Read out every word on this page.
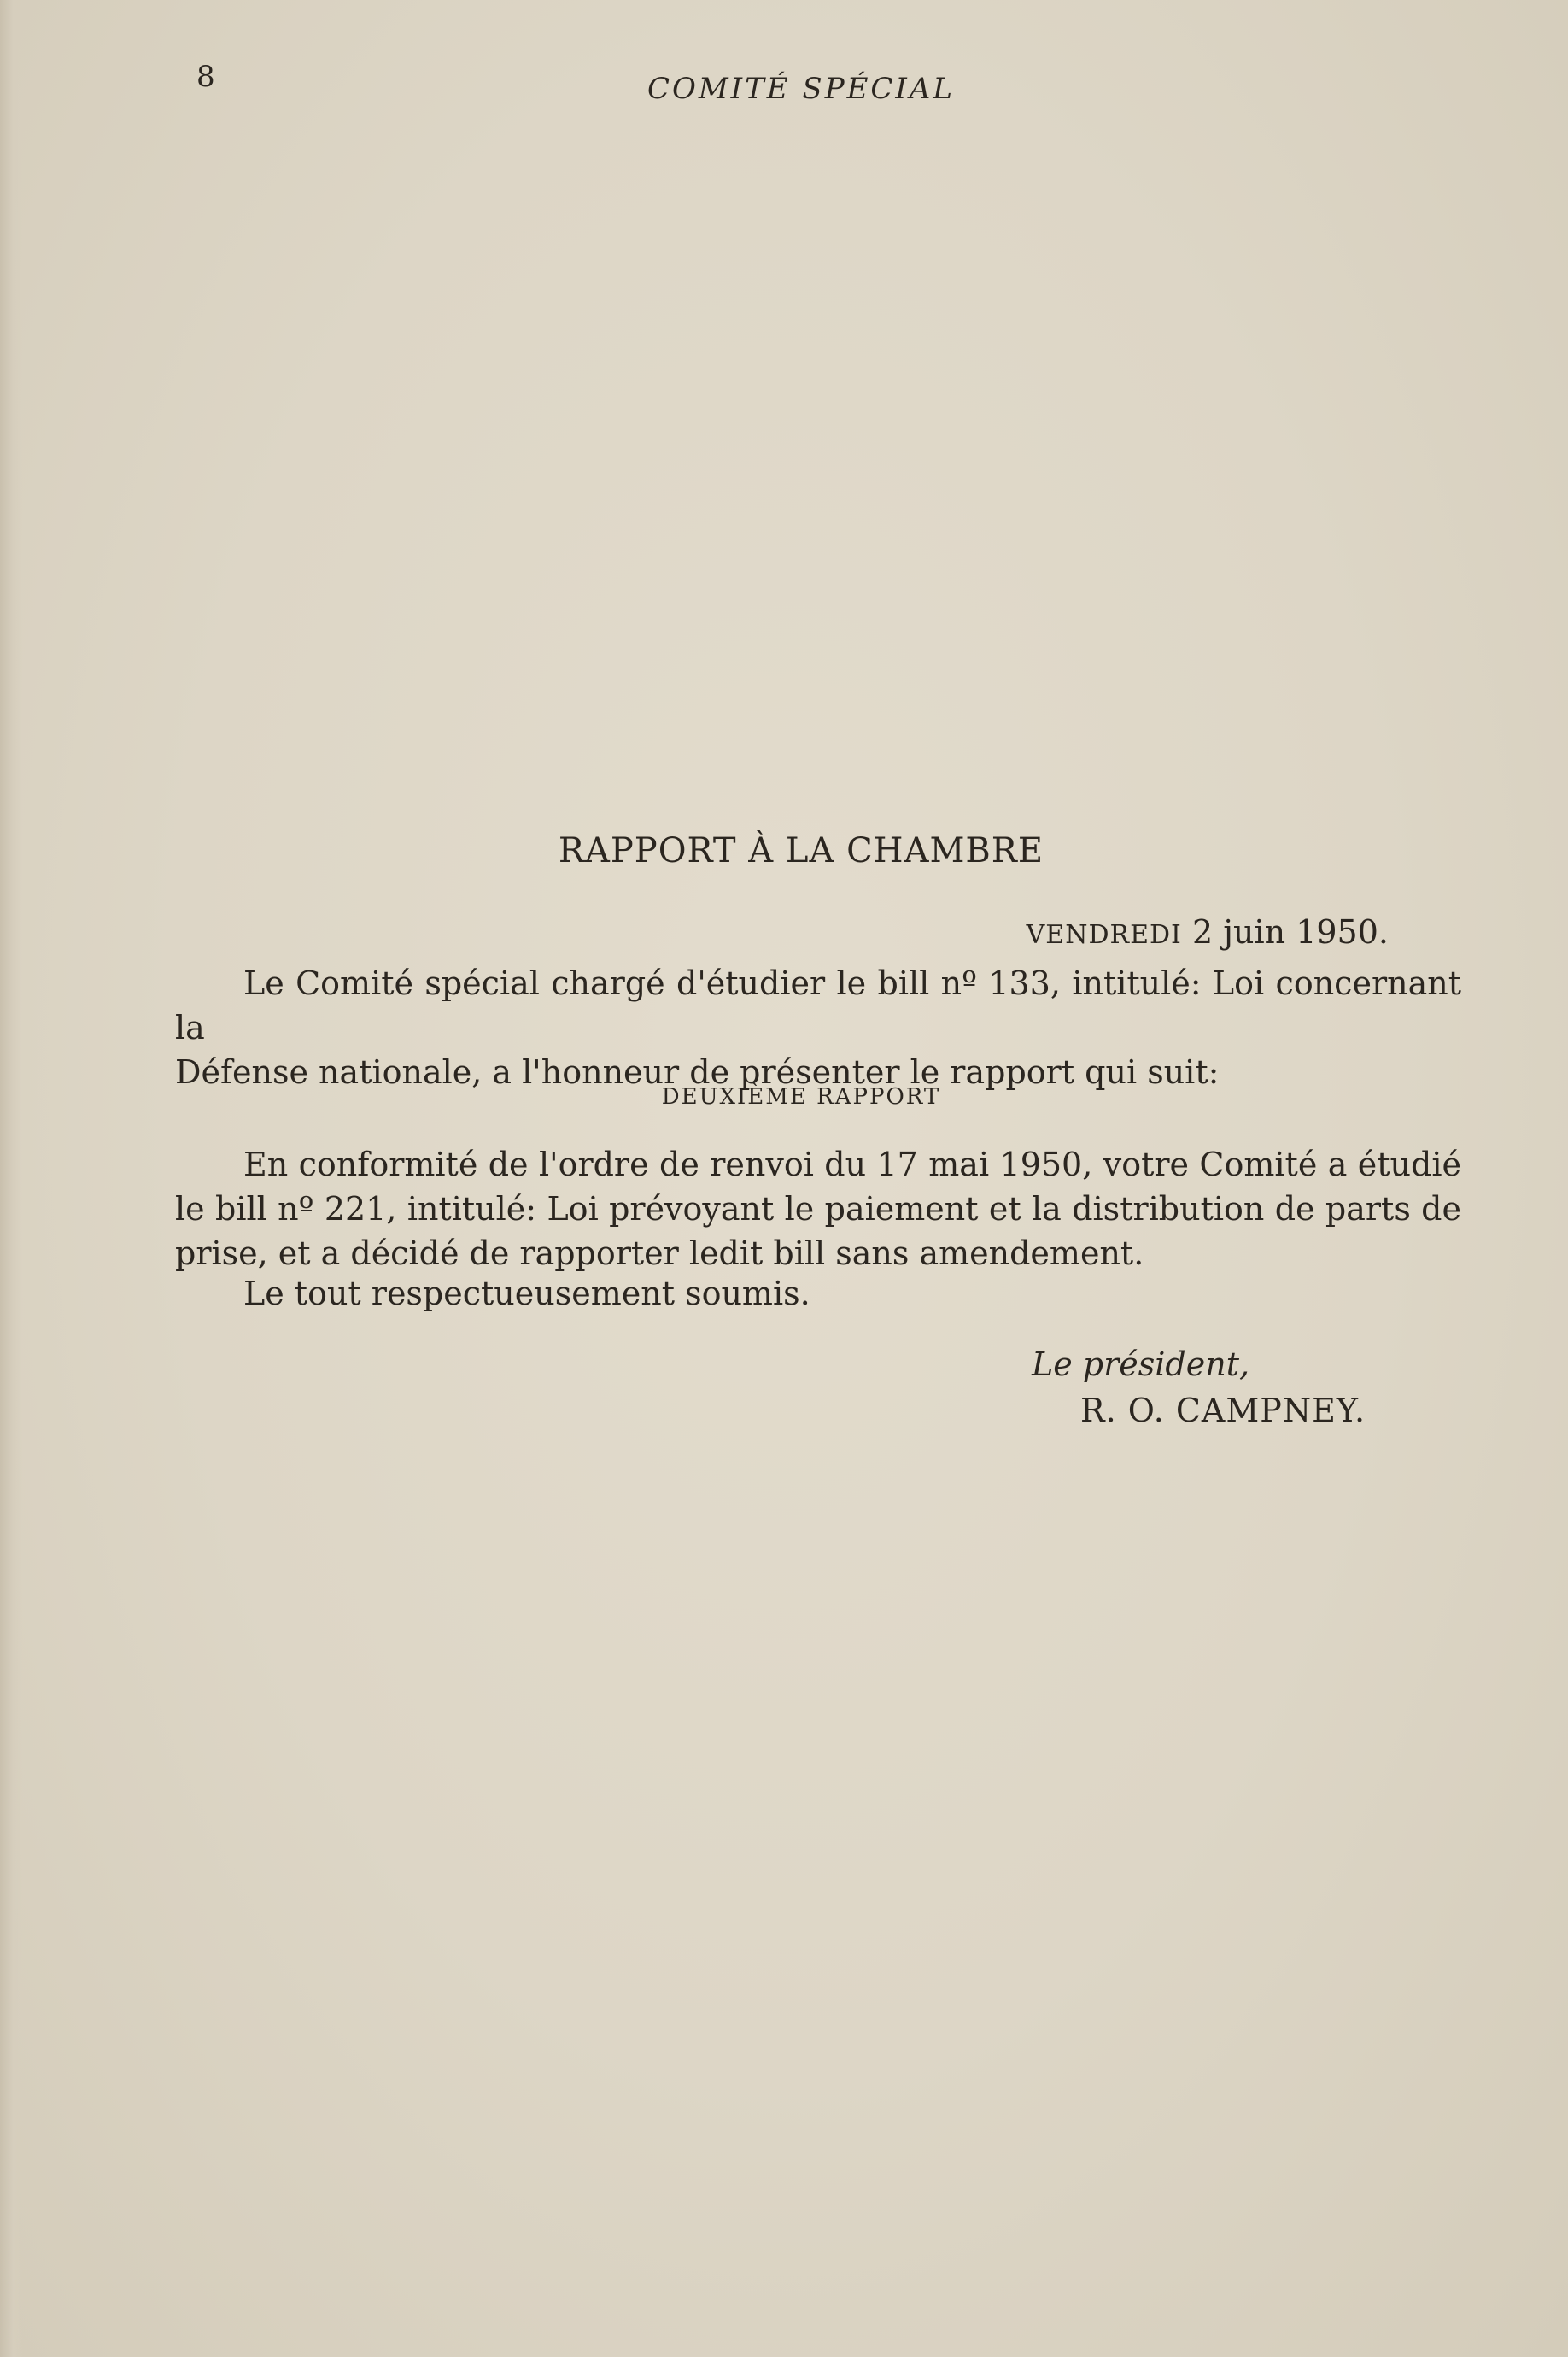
8	COMITÉ SPÉCIAL

RAPPORT À LA CHAMBRE

VENDREDI 2 juin 1950.

Le Comité spécial chargé d'étudier le bill nº 133, intitulé: Loi concernant la
Défense nationale, a l'honneur de présenter le rapport qui suit:

DEUXIÈME RAPPORT

En conformité de l'ordre de renvoi du 17 mai 1950, votre Comité a étudié
le bill nº 221, intitulé: Loi prévoyant le paiement et la distribution de parts de
prise, et a décidé de rapporter ledit bill sans amendement.

Le tout respectueusement soumis.

Le président,

R. O. CAMPNEY.
